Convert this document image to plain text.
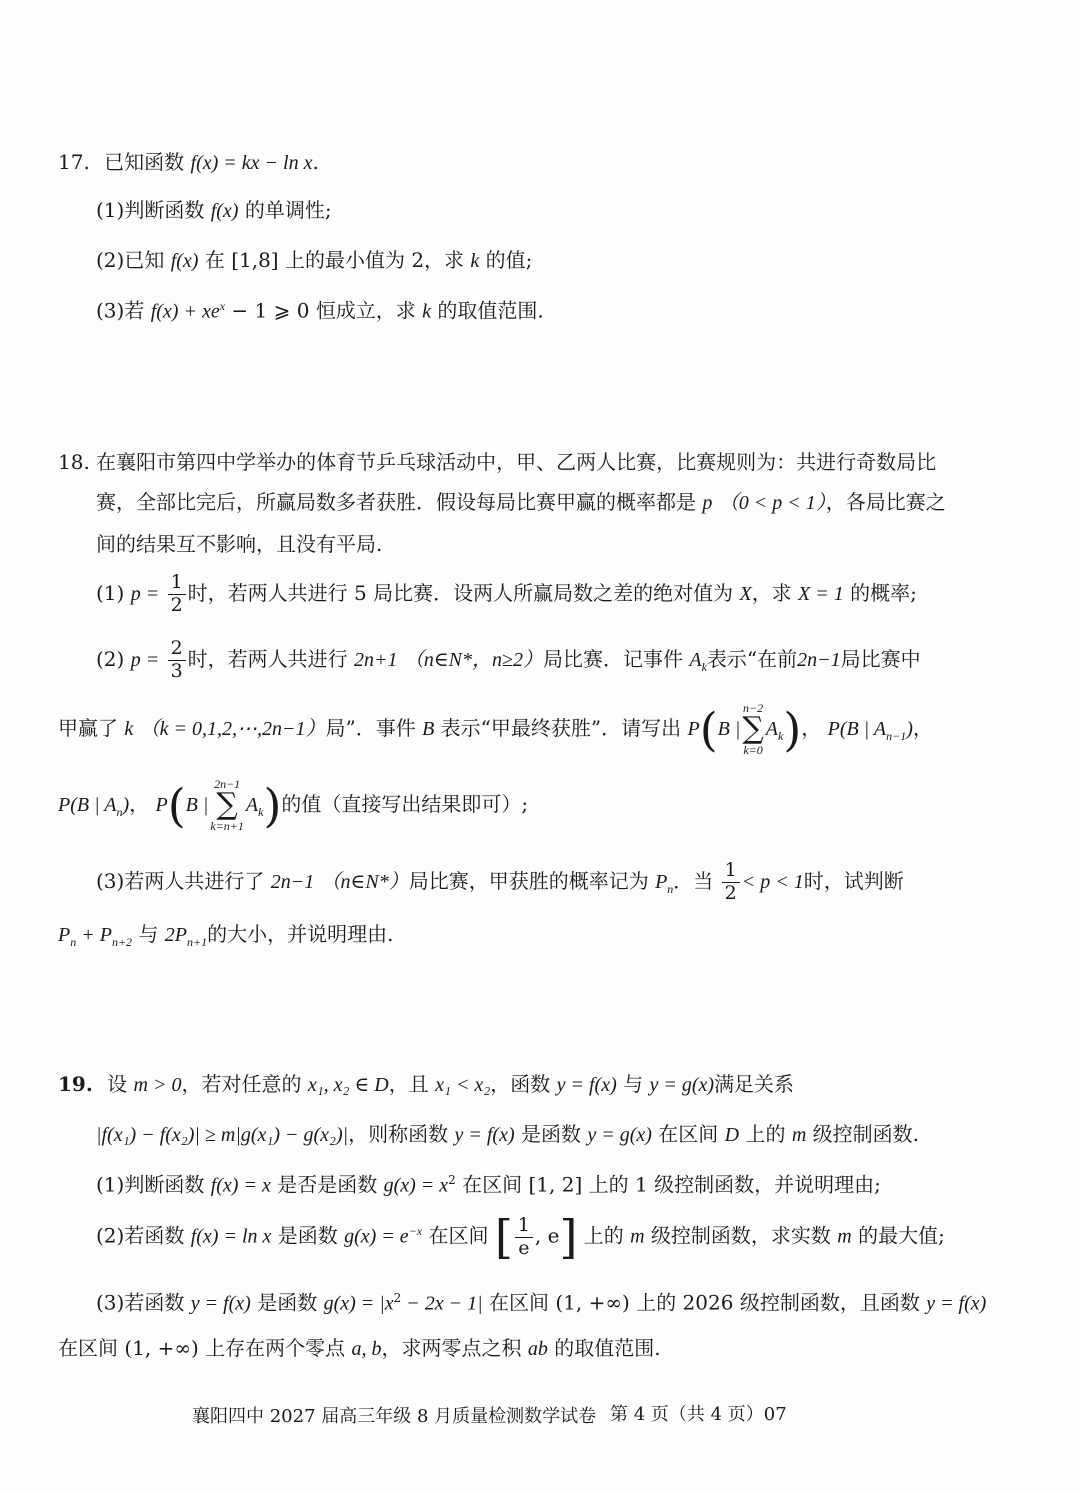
17. 已知函数 f(x) = kx − ln x.
(1)判断函数 f(x) 的单调性;
(2)已知 f(x) 在 [1,8] 上的最小值为 2，求 k 的值;
(3)若 $f(x) + xe^x - 1$ ⩾ 0 恒成立，求 k 的取值范围.
18. 在襄阳市第四中学举办的体育节乒乓球活动中，甲、乙两人比赛，比赛规则为：共进行奇数局比
赛，全部比完后，所赢局数多者获胜．假设每局比赛甲赢的概率都是 p （0 < p < 1），各局比赛之
间的结果互不影响，且没有平局.
(1) $p = \frac{1}{2}$ 时，若两人共进行 5 局比赛．设两人所赢局数之差的绝对值为 X，求 X = 1 的概率;
(2) $p = \frac{2}{3}$ 时，若两人共进行 2n+1 （n∈N*，n≥2）局比赛．记事件 $A_k$表示“在前2n−1局比赛中
甲赢了 k （k = 0,1,2,⋯,2n−1）局”．事件 B 表示“甲最终获胜”．请写出 P(B |
n−2
∑
k=0
$A_k$)， P(B | $A_{n-1}$)，
P(B | $A_n$)， P(B |
2n−1
∑
k=n+1
$A_k$)的值（直接写出结果即可）;
(3)若两人共进行了 2n−1 （n∈N*）局比赛，甲获胜的概率记为 $P_n$．当 $\frac{1}{2} < p < 1$时，试判断
$P_n + P_{n+2}$ 与 $2P_{n+1}$的大小，并说明理由.
19. 设 m > 0，若对任意的 x₁, x₂ ∈ D，且 x₁ < x₂，函数 y = f(x) 与 y = g(x)满足关系
|f(x₁) − f(x₂)| ≥ m|g(x₁) − g(x₂)|，则称函数 y = f(x) 是函数 y = g(x) 在区间 D 上的 m 级控制函数.
(1)判断函数 f(x) = x 是否是函数 $g(x) = x^2$ 在区间 [1, 2] 上的 1 级控制函数，并说明理由;
(2)若函数 f(x) = ln x 是函数 $g(x) = e^{-x}$ 在区间 [ $\frac{1}{e}$ , e] 上的 m 级控制函数，求实数 m 的最大值;
(3)若函数 y = f(x) 是函数 $g(x) = |x^2 - 2x - 1|$ 在区间 (1, +∞) 上的 2026 级控制函数，且函数 y = f(x)
在区间 (1, +∞) 上存在两个零点 a, b，求两零点之积 ab 的取值范围.
襄阳四中 2027 届高三年级 8 月质量检测数学试卷 第 4 页（共 4 页）07
